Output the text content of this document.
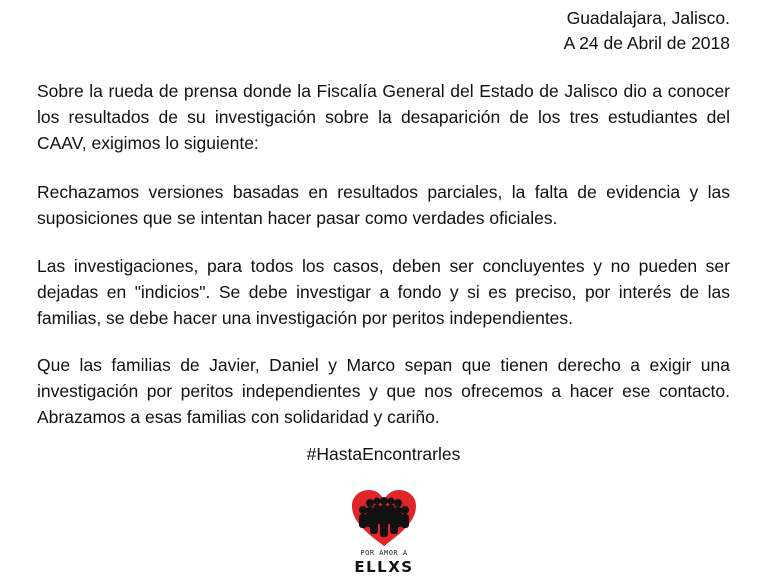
Guadalajara, Jalisco.
A 24 de Abril de 2018

Sobre la rueda de prensa donde la Fiscalía General del Estado de Jalisco dio a conocer los resultados de su investigación sobre la desaparición de los tres estudiantes del CAAV, exigimos lo siguiente:

Rechazamos versiones basadas en resultados parciales, la falta de evidencia y las suposiciones que se intentan hacer pasar como verdades oficiales.

Las investigaciones, para todos los casos, deben ser concluyentes y no pueden ser dejadas en "indicios". Se debe investigar a fondo y si es preciso, por interés de las familias, se debe hacer una investigación por peritos independientes.

Que las familias de Javier, Daniel y Marco sepan que tienen derecho a exigir una investigación por peritos independientes y que nos ofrecemos a hacer ese contacto. Abrazamos a esas familias con solidaridad y cariño.

#HastaEncontrarles
POR AMOR A
ELLXS
